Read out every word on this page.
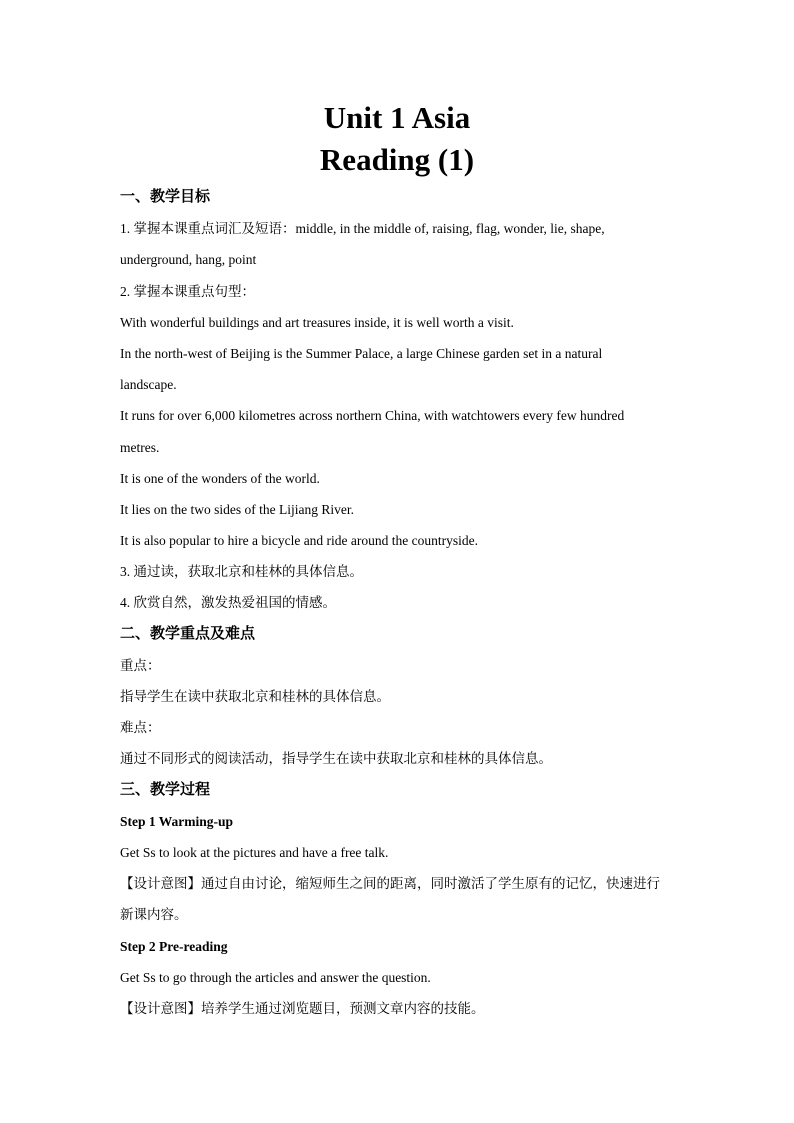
Unit 1 Asia
Reading (1)
一、教学目标
1. 掌握本课重点词汇及短语：middle, in the middle of, raising, flag, wonder, lie, shape,
underground, hang, point
2. 掌握本课重点句型：
With wonderful buildings and art treasures inside, it is well worth a visit.
In the north-west of Beijing is the Summer Palace, a large Chinese garden set in a natural
landscape.
It runs for over 6,000 kilometres across northern China, with watchtowers every few hundred
metres.
It is one of the wonders of the world.
It lies on the two sides of the Lijiang River.
It is also popular to hire a bicycle and ride around the countryside.
3. 通过读，获取北京和桂林的具体信息。
4. 欣赏自然，激发热爱祖国的情感。
二、教学重点及难点
重点：
指导学生在读中获取北京和桂林的具体信息。
难点：
通过不同形式的阅读活动，指导学生在读中获取北京和桂林的具体信息。
三、教学过程
Step 1 Warming-up
Get Ss to look at the pictures and have a free talk.
【设计意图】通过自由讨论，缩短师生之间的距离，同时激活了学生原有的记忆，快速进行
新课内容。
Step 2 Pre-reading
Get Ss to go through the articles and answer the question.
【设计意图】培养学生通过浏览题目，预测文章内容的技能。
